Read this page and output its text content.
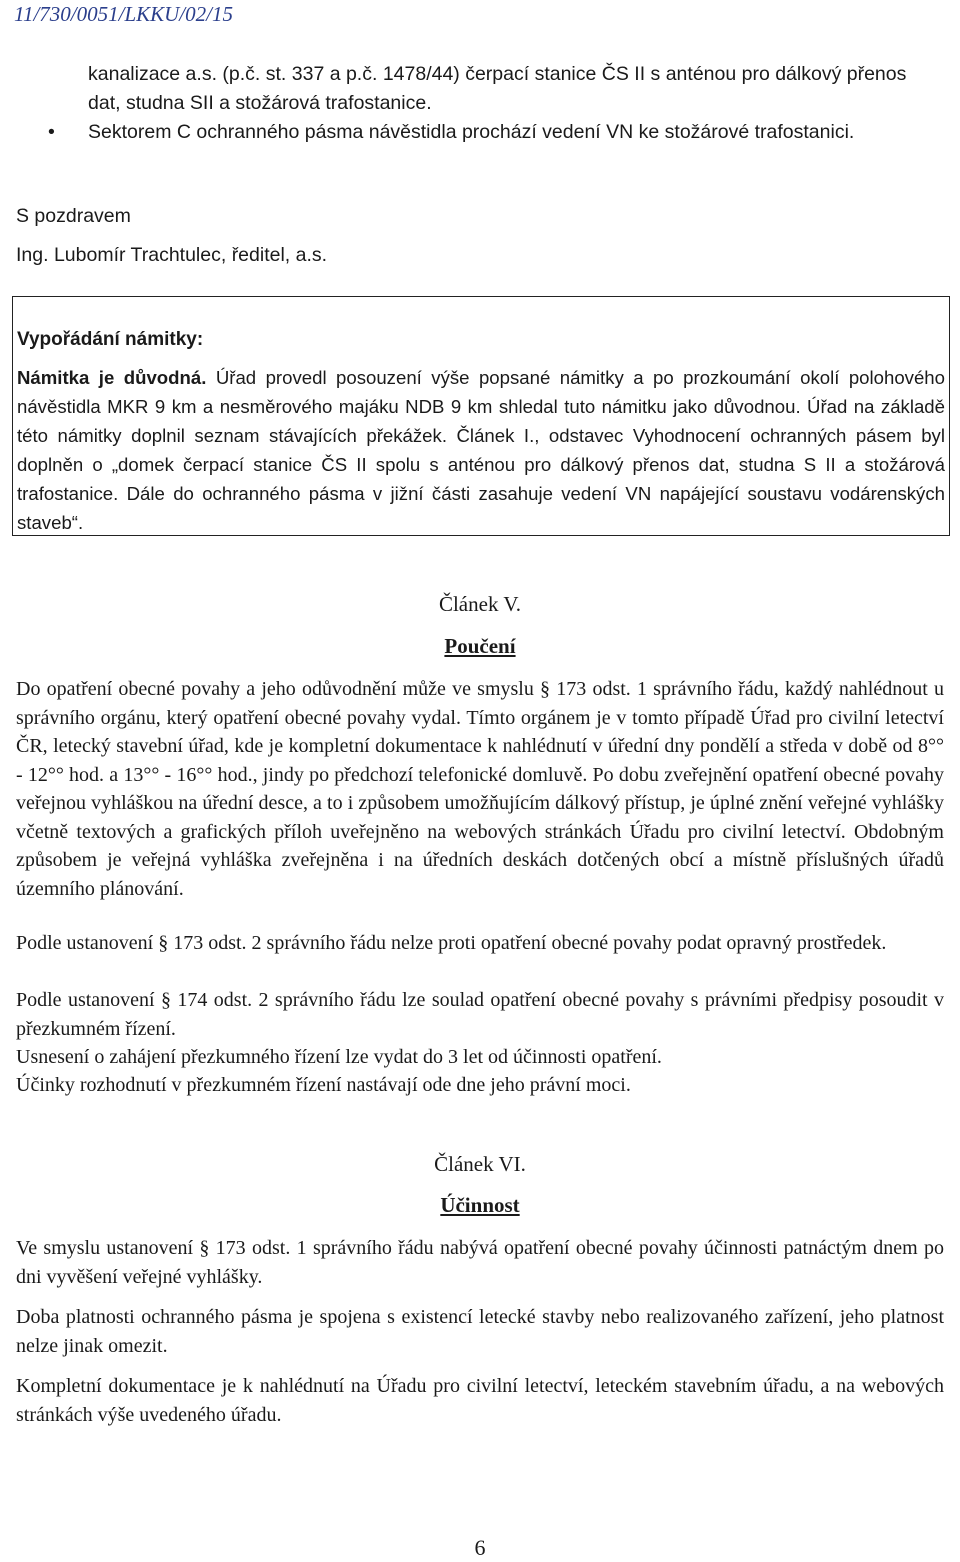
11/730/0051/LKKU/02/15
kanalizace a.s. (p.č. st. 337 a p.č. 1478/44) čerpací stanice ČS II s anténou pro dálkový přenos dat, studna SII a stožárová trafostanice.
• Sektorem C ochranného pásma návěstidla prochází vedení VN ke stožárové trafostanici.
S pozdravem
Ing. Lubomír Trachtulec, ředitel, a.s.
Vypořádání námitky:
Námitka je důvodná. Úřad provedl posouzení výše popsané námitky a po prozkoumání okolí polohového návěstidla MKR 9 km a nesměrového majáku NDB 9 km shledal tuto námitku jako důvodnou. Úřad na základě této námitky doplnil seznam stávajících překážek. Článek I., odstavec Vyhodnocení ochranných pásem byl doplněn o „domek čerpací stanice ČS II spolu s anténou pro dálkový přenos dat, studna S II a stožárová trafostanice. Dále do ochranného pásma v jižní části zasahuje vedení VN napájející soustavu vodárenských staveb“.
Článek V.
Poučení
Do opatření obecné povahy a jeho odůvodnění může ve smyslu § 173 odst. 1 správního řádu, každý nahlédnout u správního orgánu, který opatření obecné povahy vydal. Tímto orgánem je v tomto případě Úřad pro civilní letectví ČR, letecký stavební úřad, kde je kompletní dokumentace k nahlédnutí v úřední dny pondělí a středa v době od 8°° - 12°° hod. a 13°° - 16°° hod., jindy po předchozí telefonické domluvě. Po dobu zveřejnění opatření obecné povahy veřejnou vyhláškou na úřední desce, a to i způsobem umožňujícím dálkový přístup, je úplné znění veřejné vyhlášky včetně textových a grafických příloh uveřejněno na webových stránkách Úřadu pro civilní letectví. Obdobným způsobem je veřejná vyhláška zveřejněna i na úředních deskách dotčených obcí a místně příslušných úřadů územního plánování.
Podle ustanovení § 173 odst. 2 správního řádu nelze proti opatření obecné povahy podat opravný prostředek.
Podle ustanovení § 174 odst. 2 správního řádu lze soulad opatření obecné povahy s právními předpisy posoudit v přezkumném řízení.
Usnesení o zahájení přezkumného řízení lze vydat do 3 let od účinnosti opatření.
Účinky rozhodnutí v přezkumném řízení nastávají ode dne jeho právní moci.
Článek VI.
Účinnost
Ve smyslu ustanovení § 173 odst. 1 správního řádu nabývá opatření obecné povahy účinnosti patnáctým dnem po dni vyvěšení veřejné vyhlášky.
Doba platnosti ochranného pásma je spojena s existencí letecké stavby nebo realizovaného zařízení, jeho platnost nelze jinak omezit.
Kompletní dokumentace je k nahlédnutí na Úřadu pro civilní letectví, leteckém stavebním úřadu, a na webových stránkách výše uvedeného úřadu.
6
